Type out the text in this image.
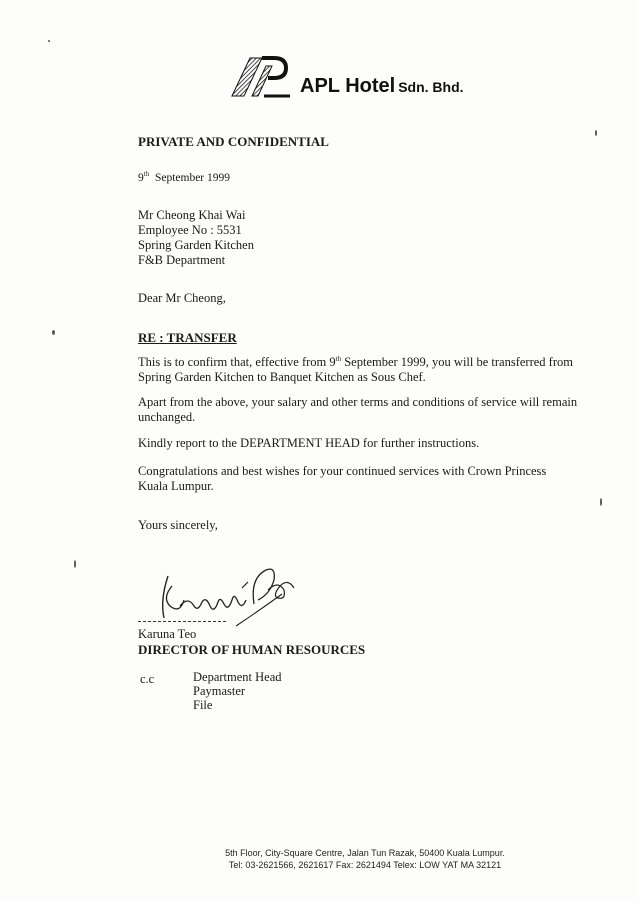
APL Hotel Sdn. Bhd.
PRIVATE AND CONFIDENTIAL
9th September 1999
Mr Cheong Khai Wai
Employee No : 5531
Spring Garden Kitchen
F&B Department
Dear Mr Cheong,
RE : TRANSFER
This is to confirm that, effective from 9th September 1999, you will be transferred from Spring Garden Kitchen to Banquet Kitchen as Sous Chef.
Apart from the above, your salary and other terms and conditions of service will remain unchanged.
Kindly report to the DEPARTMENT HEAD for further instructions.
Congratulations and best wishes for your continued services with Crown Princess Kuala Lumpur.
Yours sincerely,
Karuna Teo
DIRECTOR OF HUMAN RESOURCES
c.c	Department Head
Paymaster
File
5th Floor, City-Square Centre, Jalan Tun Razak, 50400 Kuala Lumpur.
Tel: 03-2621566, 2621617 Fax: 2621494 Telex: LOW YAT MA 32121
